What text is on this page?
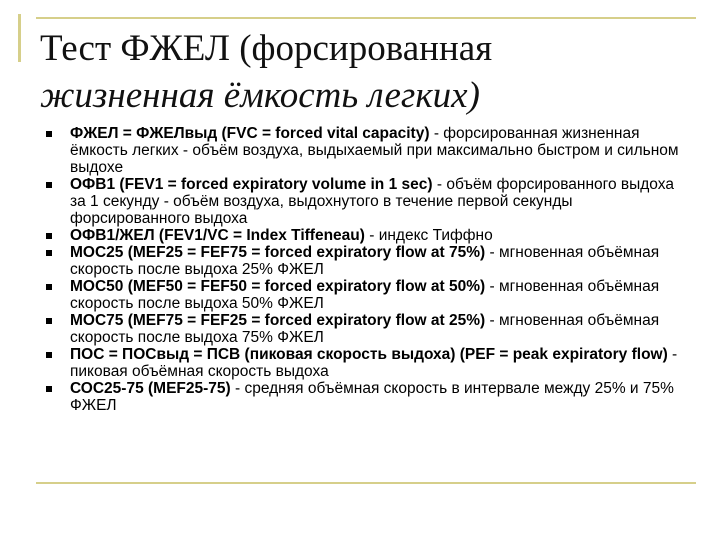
Тест ФЖЕЛ (форсированная
жизненная ёмкость легких)
ФЖЕЛ = ФЖЕЛвыд (FVC = forced vital capacity) - форсированная жизненная ёмкость легких - объём воздуха, выдыхаемый при максимально быстром и сильном выдохе
ОФВ1 (FEV1 = forced expiratory volume in 1 sec) - объём форсированного выдоха за 1 секунду - объём воздуха, выдохнутого в течение первой секунды форсированного выдоха
ОФВ1/ЖЕЛ (FEV1/VC = Index Tiffeneau) - индекс Тиффно
МОС25 (MEF25 = FEF75 = forced expiratory flow at 75%) - мгновенная объёмная скорость после выдоха 25% ФЖЕЛ
МОС50 (MEF50 = FEF50 = forced expiratory flow at 50%) - мгновенная объёмная скорость после выдоха 50% ФЖЕЛ
МОС75 (MEF75 = FEF25 = forced expiratory flow at 25%) - мгновенная объёмная скорость после выдоха 75% ФЖЕЛ
ПОС = ПОСвыд = ПСВ (пиковая скорость выдоха) (PEF = peak expiratory flow) - пиковая объёмная скорость выдоха
СОС25-75 (MEF25-75) - средняя объёмная скорость в интервале между 25% и 75% ФЖЕЛ
